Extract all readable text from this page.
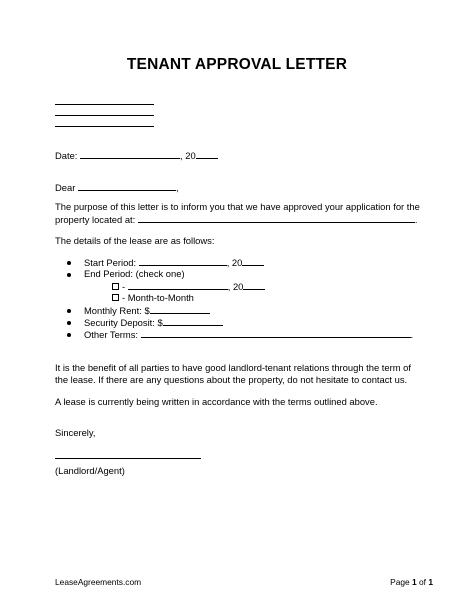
TENANT APPROVAL LETTER
Date:	, 20
Dear	,
The purpose of this letter is to inform you that we have approved your application for the
property located at:	.
The details of the lease are as follows:
Start Period:	, 20
End Period: (check one)
-	, 20
- Month-to-Month
Monthly Rent: $
Security Deposit: $
Other Terms:	.
It is the benefit of all parties to have good landlord-tenant relations through the term of
the lease. If there are any questions about the property, do not hesitate to contact us.
A lease is currently being written in accordance with the terms outlined above.
Sincerely,
(Landlord/Agent)
LeaseAgreements.com	Page 1 of 1
